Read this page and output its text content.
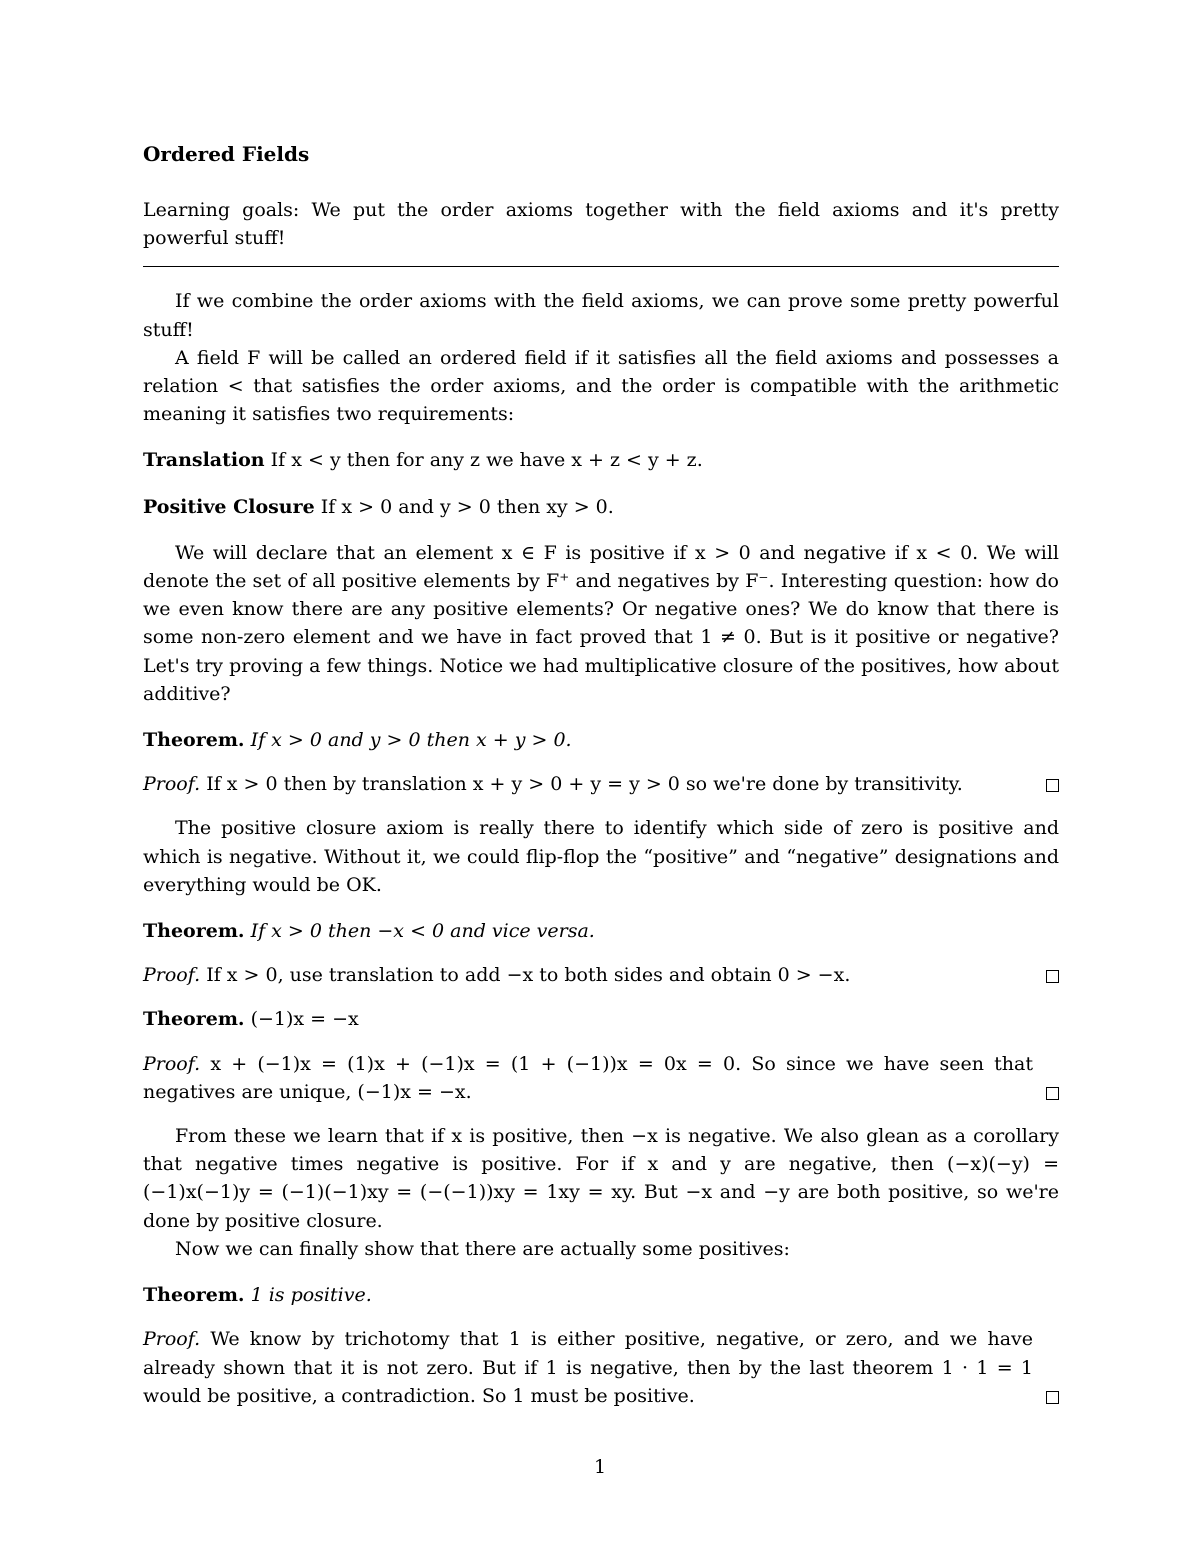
Ordered Fields

Learning goals: We put the order axioms together with the field axioms and it's pretty powerful stuff!

If we combine the order axioms with the field axioms, we can prove some pretty powerful stuff!

A field F will be called an ordered field if it satisfies all the field axioms and possesses a relation < that satisfies the order axioms, and the order is compatible with the arithmetic meaning it satisfies two requirements:

Translation If x < y then for any z we have x + z < y + z.

Positive Closure If x > 0 and y > 0 then xy > 0.

We will declare that an element x ∈ F is positive if x > 0 and negative if x < 0. We will denote the set of all positive elements by F⁺ and negatives by F⁻. Interesting question: how do we even know there are any positive elements? Or negative ones? We do know that there is some non-zero element and we have in fact proved that 1 ≠ 0. But is it positive or negative? Let's try proving a few things. Notice we had multiplicative closure of the positives, how about additive?

Theorem. If x > 0 and y > 0 then x + y > 0.

Proof. If x > 0 then by translation x + y > 0 + y = y > 0 so we're done by transitivity.

The positive closure axiom is really there to identify which side of zero is positive and which is negative. Without it, we could flip-flop the “positive” and “negative” designations and everything would be OK.

Theorem. If x > 0 then −x < 0 and vice versa.

Proof. If x > 0, use translation to add −x to both sides and obtain 0 > −x.

Theorem. (−1)x = −x

Proof. x + (−1)x = (1)x + (−1)x = (1 + (−1))x = 0x = 0. So since we have seen that negatives are unique, (−1)x = −x.

From these we learn that if x is positive, then −x is negative. We also glean as a corollary that negative times negative is positive. For if x and y are negative, then (−x)(−y) = (−1)x(−1)y = (−1)(−1)xy = (−(−1))xy = 1xy = xy. But −x and −y are both positive, so we're done by positive closure.

Now we can finally show that there are actually some positives:

Theorem. 1 is positive.

Proof. We know by trichotomy that 1 is either positive, negative, or zero, and we have already shown that it is not zero. But if 1 is negative, then by the last theorem 1 · 1 = 1 would be positive, a contradiction. So 1 must be positive.

1
